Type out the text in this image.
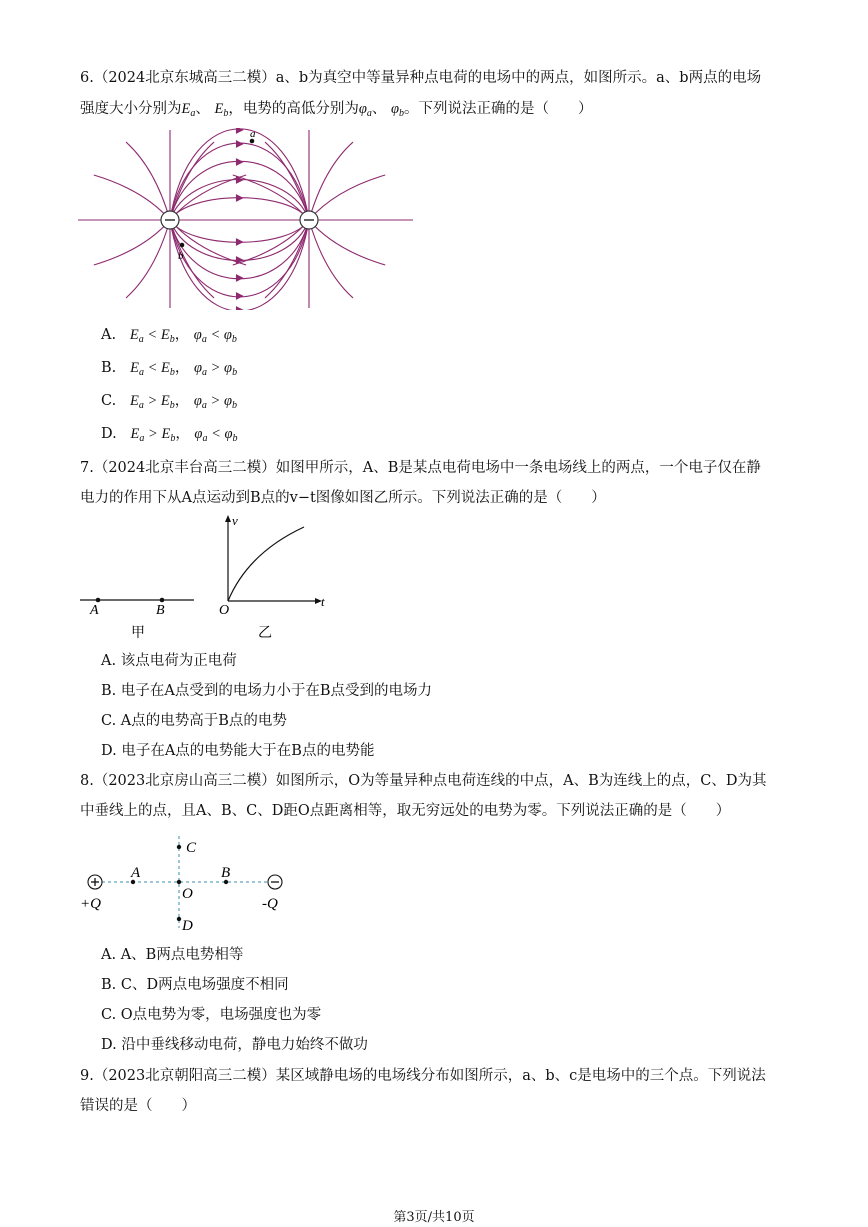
6.（2024北京东城高三二模）a、b为真空中等量异种点电荷的电场中的两点，如图所示。a、b两点的电场
强度大小分别为$E_a$、 $E_b$，电势的高低分别为$\varphi_a$、 $\varphi_b$。下列说法正确的是（　　）
a
b
A.   $E_a < E_b$， $\varphi_a < \varphi_b$
B.   $E_a < E_b$， $\varphi_a > \varphi_b$
C.   $E_a > E_b$， $\varphi_a > \varphi_b$
D.   $E_a > E_b$， $\varphi_a < \varphi_b$
7.（2024北京丰台高三二模）如图甲所示，A、B是某点电荷电场中一条电场线上的两点，一个电子仅在静
电力的作用下从A点运动到B点的v−t图像如图乙所示。下列说法正确的是（　　）
A	B
甲
v
t
O
乙
A. 该点电荷为正电荷
B. 电子在A点受到的电场力小于在B点受到的电场力
C. A点的电势高于B点的电势
D. 电子在A点的电势能大于在B点的电势能
8.（2023北京房山高三二模）如图所示，O为等量异种点电荷连线的中点，A、B为连线上的点，C、D为其
中垂线上的点，且A、B、C、D距O点距离相等，取无穷远处的电势为零。下列说法正确的是（　　）
C
A	B
O
D
+Q	-Q
A. A、B两点电势相等
B. C、D两点电场强度不相同
C. O点电势为零，电场强度也为零
D. 沿中垂线移动电荷，静电力始终不做功
9.（2023北京朝阳高三二模）某区域静电场的电场线分布如图所示，a、b、c是电场中的三个点。下列说法
错误的是（　　）
第3页/共10页
